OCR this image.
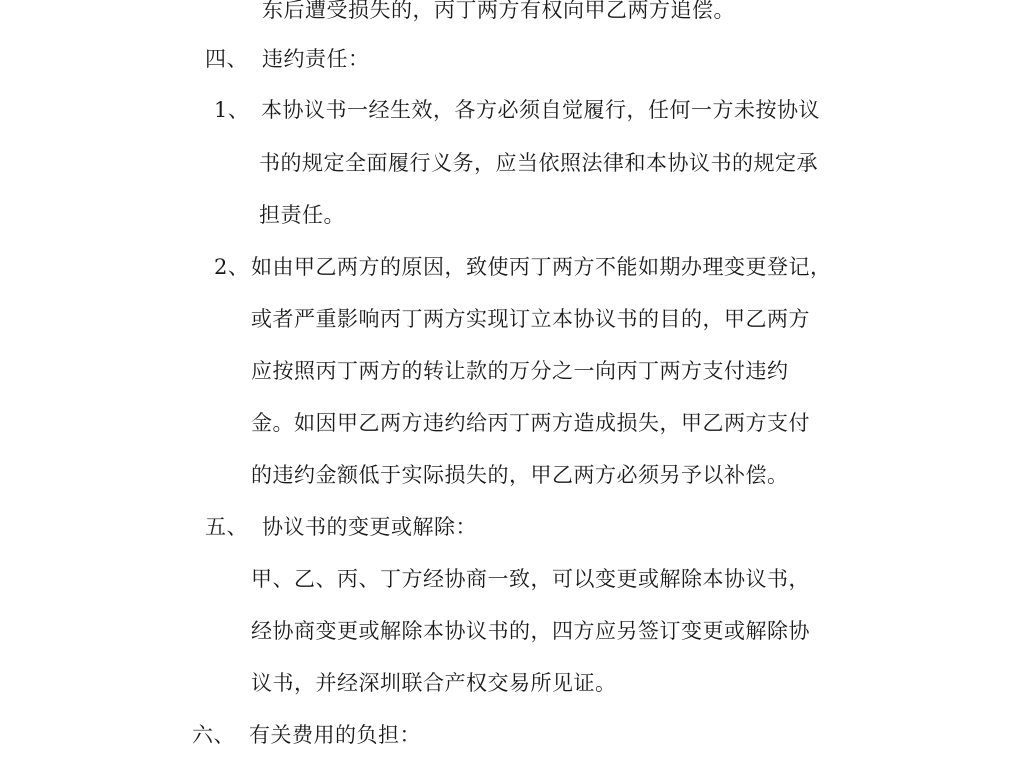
东后遭受损失的，丙丁两方有权向甲乙两方追偿。
四、 违约责任：
1、 本协议书一经生效，各方必须自觉履行，任何一方未按协议
书的规定全面履行义务，应当依照法律和本协议书的规定承
担责任。
2、 如由甲乙两方的原因，致使丙丁两方不能如期办理变更登记，
或者严重影响丙丁两方实现订立本协议书的目的，甲乙两方
应按照丙丁两方的转让款的万分之一向丙丁两方支付违约
金。如因甲乙两方违约给丙丁两方造成损失，甲乙两方支付
的违约金额低于实际损失的，甲乙两方必须另予以补偿。
五、 协议书的变更或解除：
甲、乙、丙、丁方经协商一致，可以变更或解除本协议书，
经协商变更或解除本协议书的，四方应另签订变更或解除协
议书，并经深圳联合产权交易所见证。
六、 有关费用的负担：
